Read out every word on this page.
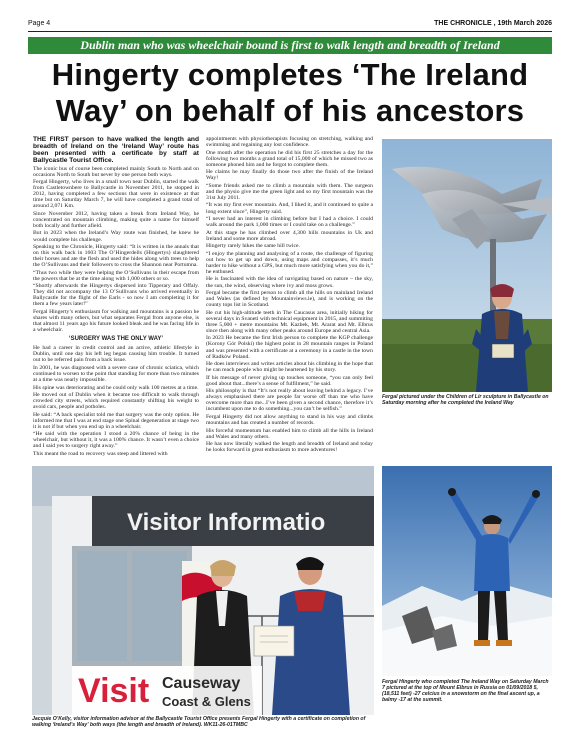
Page 4	THE CHRONICLE , 19th March 2026
Dublin man who was wheelchair bound is first to walk length and breadth of Ireland
Hingerty completes ‘The Ireland
Way’ on behalf of his ancestors

THE FIRST person to have walked the length and breadth of Ireland on the ‘Ireland Way’ route has been presented with a certificate by staff at Ballycastle Tourist Office.

The iconic bus of course been completed mainly South to North and on occasions North to South but never by one person both ways.

Fergal Hingerty, who lives in a small town near Dublin, started the walk from Castletownbere to Ballycastle in November 2011, he stopped in 2012, having completed a few sections that were in existence at that time but on Saturday March 7, he will have completed a grand total of around 2,071 Km.

Since November 2012, having taken a break from Ireland Way, he concentrated on mountain climbing, making quite a name for himself both locally and further afield.

But in 2023 when the Ireland’s Way route was finished, he knew he would complete his challenge.

Speaking to the Chronicle, Hingerty said: “It is written in the annals that on this walk back in 1603 The O’Hingerdells (Hingertys) slaughtered their horses and ate the flesh and used the hides along with trees to help the O’Sullivans and their followers to cross the Shannon near Portumna.

“Thus two while they were helping the O’Sullivans in their escape from the powers that be at the time along with 1,000 others or so.

“Shortly afterwards the Hingertys dispersed into Tipperary and Offaly. They did not accompany the 13 O’Sullivans who arrived eventually in Ballycastle for the flight of the Earls - so now I am completing it for them a few years later!”

Fergal Hingerty’s enthusiasm for walking and mountains is a passion he shares with many others, but what separates Fergal from anyone else, is that almost 11 years ago his future looked bleak and he was facing life in a wheelchair.

‘SURGERY WAS THE ONLY WAY’

He had a career in credit control and an active, athletic lifestyle in Dublin, until one day his left leg began causing him trouble. It turned out to be referred pain from a back issue.

In 2001, he was diagnosed with a severe case of chronic sciatica, which continued to worsen to the point that standing for more than two minutes at a time was nearly impossible.

His spine was deteriorating and he could only walk 100 metres at a time.

He moved out of Dublin when it became too difficult to walk through crowded city streets, which required constantly shifting his weight to avoid cars, people and potholes.

He said: “A back specialist told me that surgery was the only option. He informed me that I was at end stage one Spinal degeneration at stage two it is not if but when you end up in a wheelchair.

“He said with the operation I stood a 20% chance of being in the wheelchair, but without it, it was a 100% chance. It wasn’t even a choice and I said yes to surgery right away.”

This meant the road to recovery was steep and littered with

appointments with physiotherapists focusing on stretching, walking and swimming and regaining any lost confidence.

One month after the operation he did his first 25 stretches a day for the following two months a grand total of 15,000 of which he missed two as someone phoned him and he forgot to complete them.

He claims he may finally do those two after the finish of the Ireland Way!

“Some friends asked me to climb a mountain with them. The surgeon and the physio give me the green light and so my first mountain was the 31st July 2011.

“It was my first ever mountain. And, I liked it, and it continued to quite a long extent since”, Hingerty said.

“I never had an interest in climbing before but I had a choice. I could walk around the park 1,000 times or I could take on a challenge.”

At this stage he has climbed over 4,300 hills mountains in Uk and Ireland and some more abroad.

Hingerty rarely hikes the same hill twice.

“I enjoy the planning and analysing of a route, the challenge of figuring out how to get up and down, using maps and compasses, it’s much harder to hike without a GPS, but much more satisfying when you do it,” he enthused.

He is fascinated with the idea of navigating based on nature – the sky, the sun, the wind, observing where ivy and moss grows.

Fergal became the first person to climb all the hills on mainland Ireland and Wales (as defined by Mountainviews.ie), and is working on the county tops list in Scotland.

He cut his high-altitude teeth in The Caucasus area, initially hiking for several days in Svaneti with technical equipment in 2015, and summiting three 5,000 + metre mountains Mt. Kazbek, Mt. Ararat and Mt. Elbrus since then along with many other peaks around Europe and central Asia.

In 2023 He became the first Irish person to complete the KGP challenge (Korony Gór Polski) the highest point in 28 mountain ranges in Poland and was presented with a certificate at a ceremony in a castle in the town of Radków Poland.

He does interviews and writes articles about his climbing in the hope that he can reach people who might be heartened by his story.

If his message of never giving up touches someone, “you can only feel good about that...there’s a sense of fulfilment,” he said.

His philosophy is that “It’s not really about leaving behind a legacy. I’ve always emphasised there are people far worse off than me who have overcome more than me...I’ve been given a second chance, therefore it’s incumbent upon me to do something...you can’t be selfish.”

Fergal Hingerty did not allow anything to stand in his way and climbs mountains and has created a number of records.

His forceful momentum has enabled him to climb all the hills in Ireland and Wales and many others.

He has now literally walked the length and breadth of Ireland and today he looks forward in great enthusiasm to more adventures!

Fergal pictured under the Children of Lir sculpture in Ballycastle on Saturday morning after he completed the Ireland Way
Visitor Informatio
Visit Causeway
Coast & Glens
Jacquie O’Kelly, visitor information advisor at the Ballycastle Tourist Office presents Fergal Hingerty with a certificate on completion of walking ‘Ireland’s Way’ both ways (the length and breadth of Ireland). WK11-26-01TMBC
Fergal Hingerty who completed The Ireland Way on Saturday March 7 pictured at the top of Mount Elbrus in Russia on 01/09/2018 5, (18,511 feet) -27 celcius in a snowstorm on the final ascent up, a balmy -17 at the summit.
